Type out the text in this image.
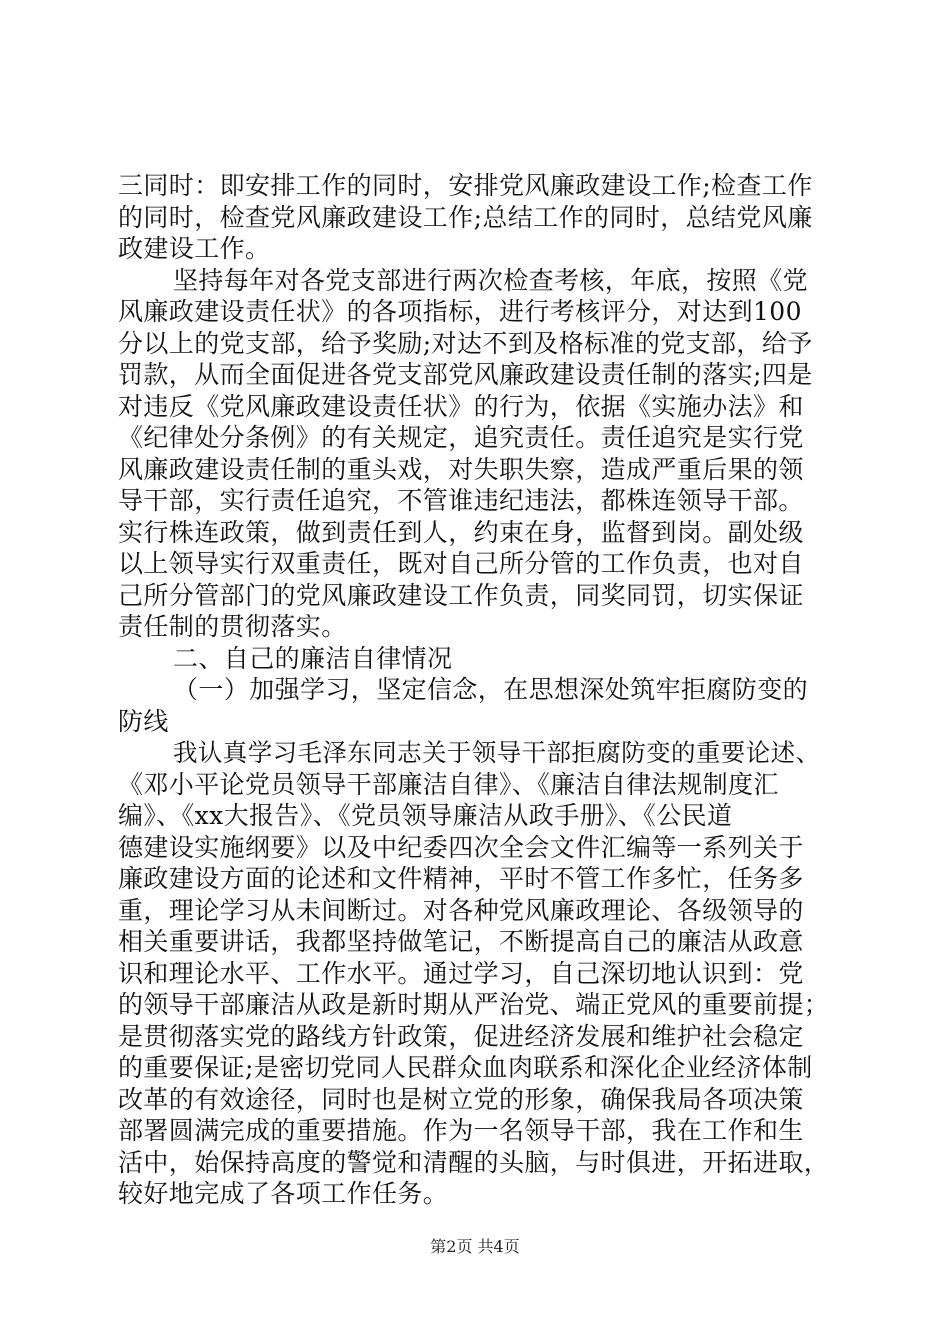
三同时：即安排工作的同时，安排党风廉政建设工作;检查工作
的同时，检查党风廉政建设工作;总结工作的同时，总结党风廉
政建设工作。
坚持每年对各党支部进行两次检查考核，年底，按照《党
风廉政建设责任状》的各项指标，进行考核评分，对达到100
分以上的党支部，给予奖励;对达不到及格标准的党支部，给予
罚款，从而全面促进各党支部党风廉政建设责任制的落实;四是
对违反《党风廉政建设责任状》的行为，依据《实施办法》和
《纪律处分条例》的有关规定，追究责任。责任追究是实行党
风廉政建设责任制的重头戏，对失职失察，造成严重后果的领
导干部，实行责任追究，不管谁违纪违法，都株连领导干部。
实行株连政策，做到责任到人，约束在身，监督到岗。副处级
以上领导实行双重责任，既对自己所分管的工作负责，也对自
己所分管部门的党风廉政建设工作负责，同奖同罚，切实保证
责任制的贯彻落实。
二、自己的廉洁自律情况
（一）加强学习，坚定信念，在思想深处筑牢拒腐防变的
防线
我认真学习毛泽东同志关于领导干部拒腐防变的重要论述、
《邓小平论党员领导干部廉洁自律》、《廉洁自律法规制度汇
编》、《xx大报告》、《党员领导廉洁从政手册》、《公民道
德建设实施纲要》以及中纪委四次全会文件汇编等一系列关于
廉政建设方面的论述和文件精神，平时不管工作多忙，任务多
重，理论学习从未间断过。对各种党风廉政理论、各级领导的
相关重要讲话，我都坚持做笔记，不断提高自己的廉洁从政意
识和理论水平、工作水平。通过学习，自己深切地认识到：党
的领导干部廉洁从政是新时期从严治党、端正党风的重要前提；
是贯彻落实党的路线方针政策，促进经济发展和维护社会稳定
的重要保证;是密切党同人民群众血肉联系和深化企业经济体制
改革的有效途径，同时也是树立党的形象，确保我局各项决策
部署圆满完成的重要措施。作为一名领导干部，我在工作和生
活中，始保持高度的警觉和清醒的头脑，与时俱进，开拓进取，
较好地完成了各项工作任务。
第2页 共4页
